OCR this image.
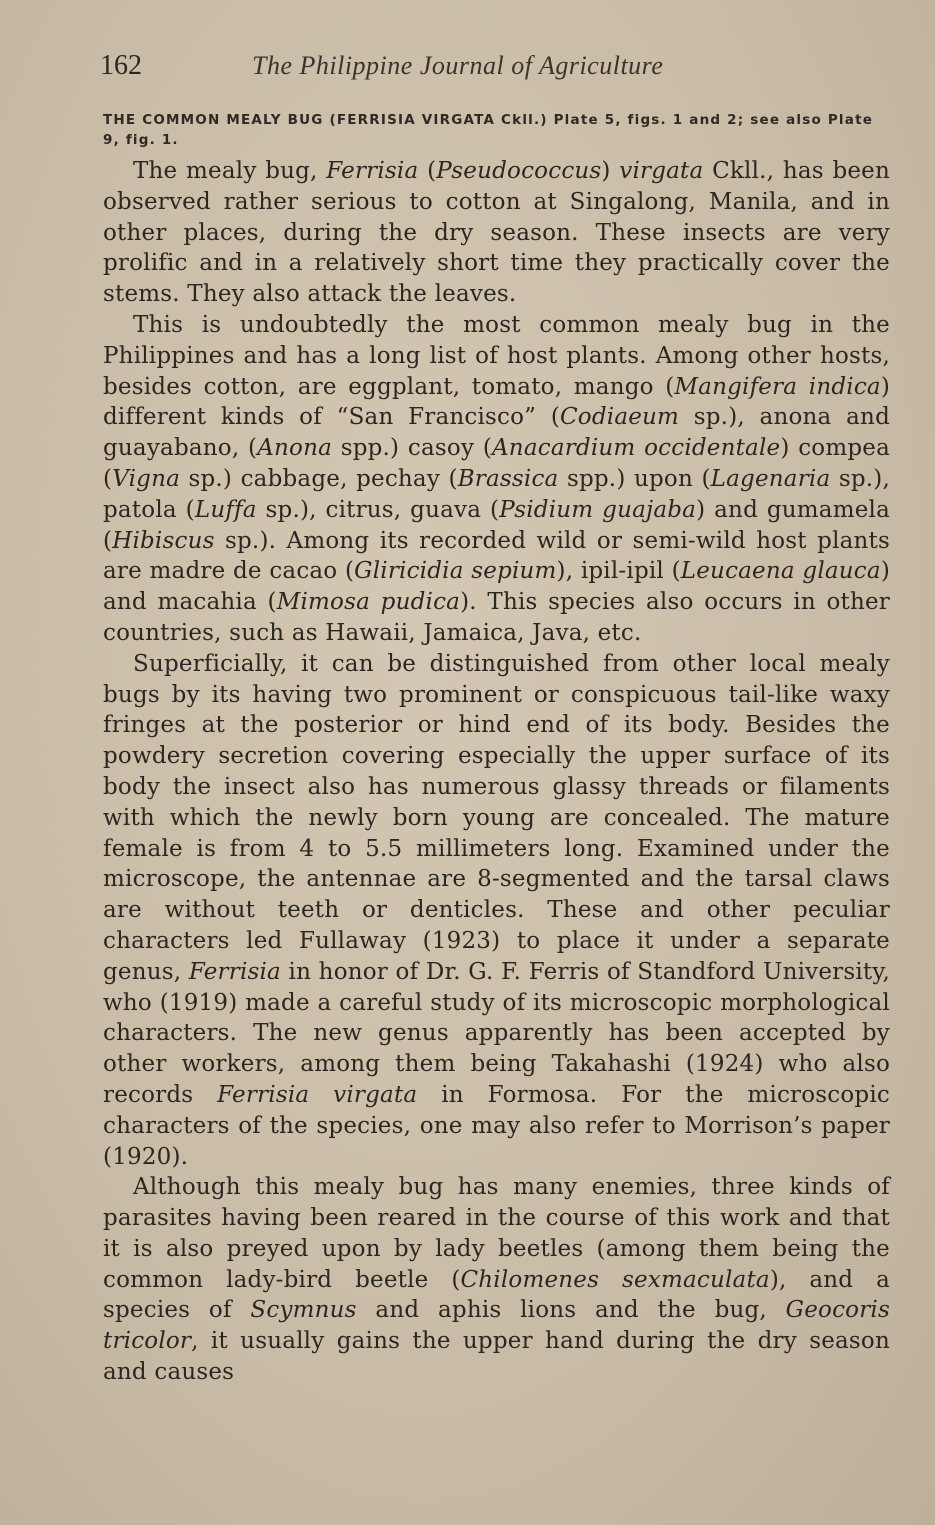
162	The Philippine Journal of Agriculture
THE COMMON MEALY BUG (FERRISIA VIRGATA Ckll.) Plate 5, figs. 1 and 2; see also Plate 9, fig. 1.

The mealy bug, Ferrisia (Pseudococcus) virgata Ckll., has been observed rather serious to cotton at Singalong, Manila, and in other places, during the dry season. These insects are very prolific and in a relatively short time they practically cover the stems. They also attack the leaves.

This is undoubtedly the most common mealy bug in the Philippines and has a long list of host plants. Among other hosts, besides cotton, are eggplant, tomato, mango (Mangifera indica) different kinds of “San Francisco” (Codiaeum sp.), anona and guayabano, (Anona spp.) casoy (Anacardium occidentale) compea (Vigna sp.) cabbage, pechay (Brassica spp.) upon (Lagenaria sp.), patola (Luffa sp.), citrus, guava (Psidium guajaba) and gumamela (Hibiscus sp.). Among its recorded wild or semi-wild host plants are madre de cacao (Gliricidia sepium), ipil-ipil (Leucaena glauca) and macahia (Mimosa pudica). This species also occurs in other countries, such as Hawaii, Jamaica, Java, etc.

Superficially, it can be distinguished from other local mealy bugs by its having two prominent or conspicuous tail-like waxy fringes at the posterior or hind end of its body. Besides the powdery secretion covering especially the upper surface of its body the insect also has numerous glassy threads or filaments with which the newly born young are concealed. The mature female is from 4 to 5.5 millimeters long. Examined under the microscope, the antennae are 8-segmented and the tarsal claws are without teeth or denticles. These and other peculiar characters led Fullaway (1923) to place it under a separate genus, Ferrisia in honor of Dr. G. F. Ferris of Standford University, who (1919) made a careful study of its microscopic morphological characters. The new genus apparently has been accepted by other workers, among them being Takahashi (1924) who also records Ferrisia virgata in Formosa. For the microscopic characters of the species, one may also refer to Morrison’s paper (1920).

Although this mealy bug has many enemies, three kinds of parasites having been reared in the course of this work and that it is also preyed upon by lady beetles (among them being the common lady-bird beetle (Chilomenes sexmaculata), and a species of Scymnus and aphis lions and the bug, Geocoris tricolor, it usually gains the upper hand during the dry season and causes
